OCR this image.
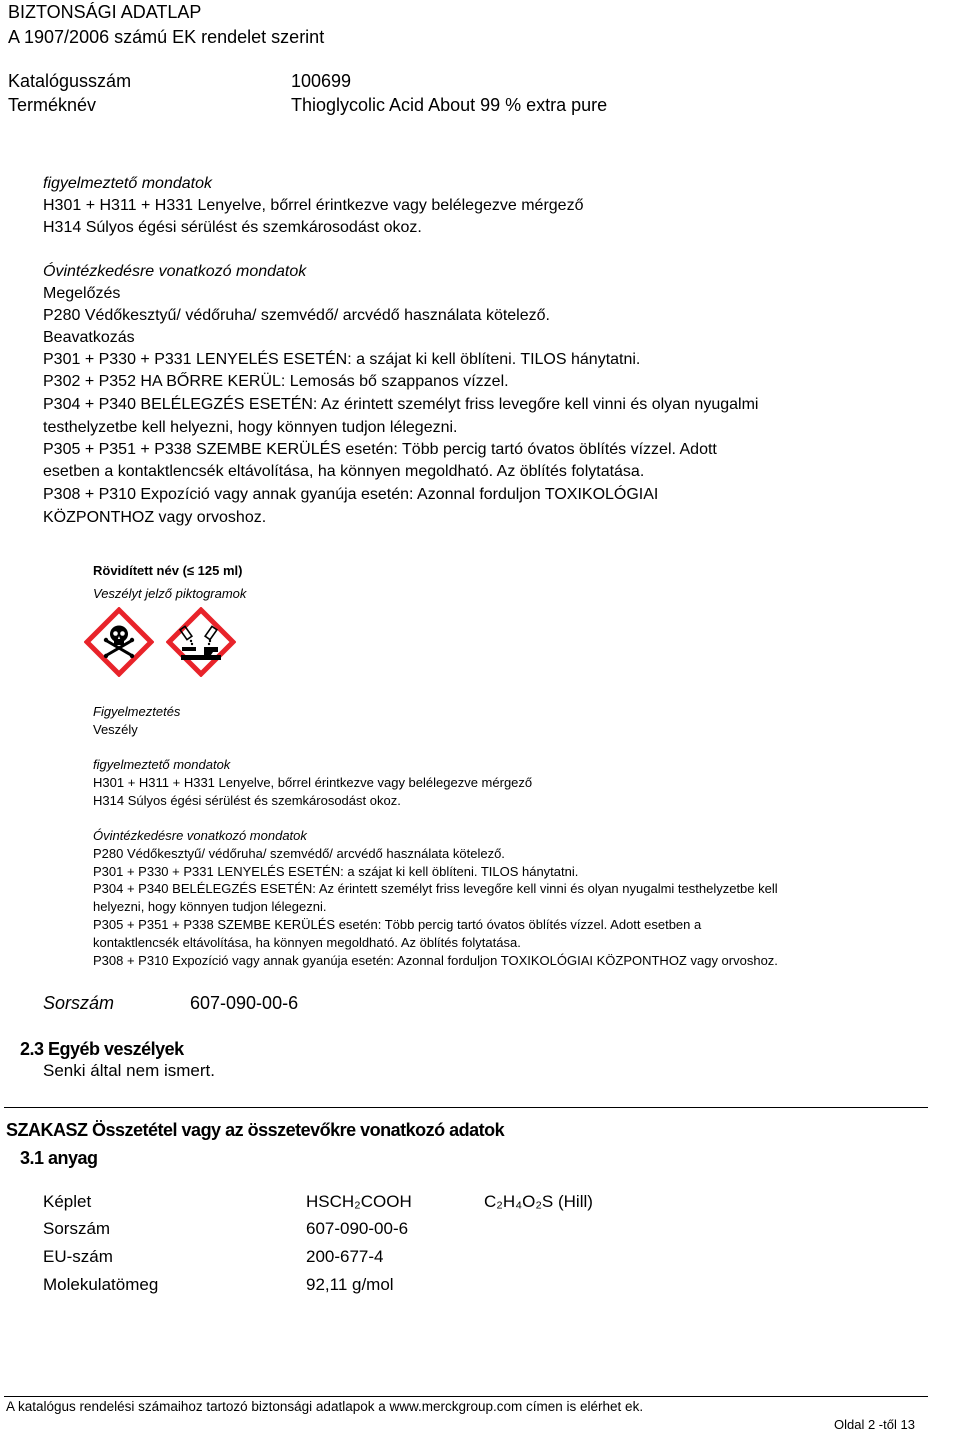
BIZTONSÁGI ADATLAP
A 1907/2006 számú EK rendelet szerint
Katalógusszám	100699
Terméknév	Thioglycolic Acid About 99 % extra pure
figyelmeztető mondatok
H301 + H311 + H331 Lenyelve, bőrrel érintkezve vagy belélegezve mérgező
H314 Súlyos égési sérülést és szemkárosodást okoz.
Óvintézkedésre vonatkozó mondatok
Megelőzés
P280 Védőkesztyű/ védőruha/ szemvédő/ arcvédő használata kötelező.
Beavatkozás
P301 + P330 + P331 LENYELÉS ESETÉN: a szájat ki kell öblíteni. TILOS hánytatni.
P302 + P352 HA BŐRRE KERÜL: Lemosás bő szappanos vízzel.
P304 + P340 BELÉLEGZÉS ESETÉN: Az érintett személyt friss levegőre kell vinni és olyan nyugalmi
testhelyzetbe kell helyezni, hogy könnyen tudjon lélegezni.
P305 + P351 + P338 SZEMBE KERÜLÉS esetén: Több percig tartó óvatos öblítés vízzel. Adott
esetben a kontaktlencsék eltávolítása, ha könnyen megoldható. Az öblítés folytatása.
P308 + P310 Expozíció vagy annak gyanúja esetén: Azonnal forduljon TOXIKOLÓGIAI
KÖZPONTHOZ vagy orvoshoz.
Rövidített név (≤ 125 ml)
Veszélyt jelző piktogramok
Figyelmeztetés
Veszély
figyelmeztető mondatok
H301 + H311 + H331 Lenyelve, bőrrel érintkezve vagy belélegezve mérgező
H314 Súlyos égési sérülést és szemkárosodást okoz.
Óvintézkedésre vonatkozó mondatok
P280 Védőkesztyű/ védőruha/ szemvédő/ arcvédő használata kötelező.
P301 + P330 + P331 LENYELÉS ESETÉN: a szájat ki kell öblíteni. TILOS hánytatni.
P304 + P340 BELÉLEGZÉS ESETÉN: Az érintett személyt friss levegőre kell vinni és olyan nyugalmi testhelyzetbe kell
helyezni, hogy könnyen tudjon lélegezni.
P305 + P351 + P338 SZEMBE KERÜLÉS esetén: Több percig tartó óvatos öblítés vízzel. Adott esetben a
kontaktlencsék eltávolítása, ha könnyen megoldható. Az öblítés folytatása.
P308 + P310 Expozíció vagy annak gyanúja esetén: Azonnal forduljon TOXIKOLÓGIAI KÖZPONTHOZ vagy orvoshoz.
Sorszám	607-090-00-6
2.3 Egyéb veszélyek
Senki által nem ismert.
SZAKASZ Összetétel vagy az összetevőkre vonatkozó adatok
3.1 anyag
Képlet	HSCH₂COOH	C₂H₄O₂S (Hill)
Sorszám	607-090-00-6
EU-szám	200-677-4
Molekulatömeg	92,11 g/mol
A katalógus rendelési számaihoz tartozó biztonsági adatlapok a www.merckgroup.com címen is elérhet ek.
Oldal 2 -től 13
